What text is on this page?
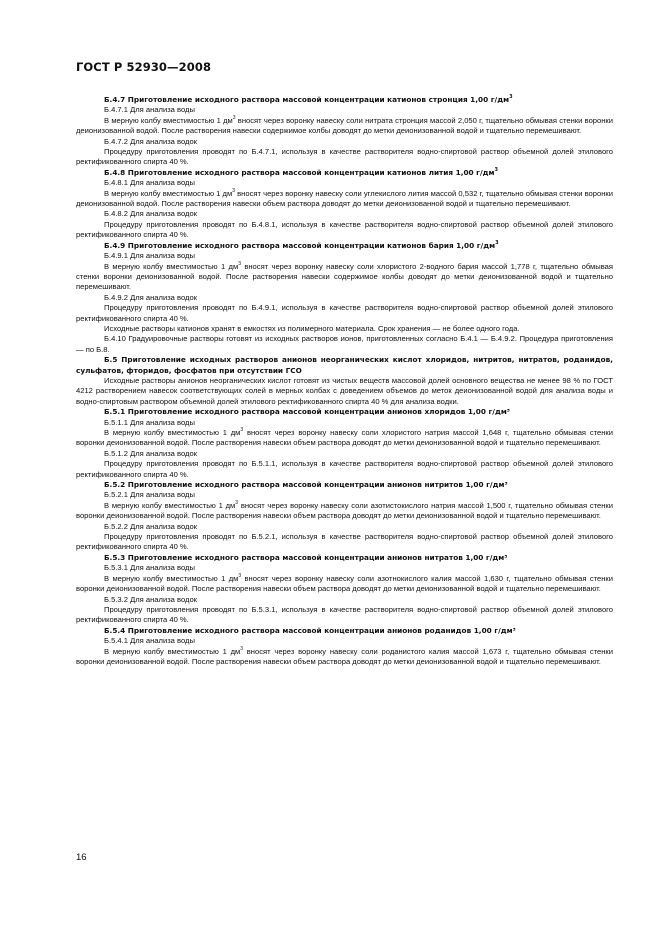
ГОСТ Р 52930—2008

Б.4.7 Приготовление исходного раствора массовой концентрации катионов стронция 1,00 $г/дм^3$

Б.4.7.1 Для анализа воды

В мерную колбу вместимостью 1 $дм^3$ вносят через воронку навеску соли нитрата стронция массой 2,050 г, тщательно обмывая стенки воронки деионизованной водой. После растворения навески содержимое колбы доводят до метки деионизованной водой и тщательно перемешивают.

Б.4.7.2 Для анализа водок

Процедуру приготовления проводят по Б.4.7.1, используя в качестве растворителя водно-спиртовой раствор объемной долей этилового ректификованного спирта 40 %.

Б.4.8 Приготовление исходного раствора массовой концентрации катионов лития 1,00 $г/дм^3$

Б.4.8.1 Для анализа воды

В мерную колбу вместимостью 1 $дм^3$ вносят через воронку навеску соли углекислого лития массой 0,532 г, тщательно обмывая стенки воронки деионизованной водой. После растворения навески объем раствора доводят до метки деионизованной водой и тщательно перемешивают.

Б.4.8.2 Для анализа водок

Процедуру приготовления проводят по Б.4.8.1, используя в качестве растворителя водно-спиртовой раствор объемной долей этилового ректификованного спирта 40 %.

Б.4.9 Приготовление исходного раствора массовой концентрации катионов бария 1,00 $г/дм^3$

Б.4.9.1 Для анализа воды

В мерную колбу вместимостью 1 $дм^3$ вносят через воронку навеску соли хлористого 2-водного бария массой 1,778 г, тщательно обмывая стенки воронки деионизованной водой. После растворения навески содержимое колбы доводят до метки деионизованной водой и тщательно перемешивают.

Б.4.9.2 Для анализа водок

Процедуру приготовления проводят по Б.4.9.1, используя в качестве растворителя водно-спиртовой раствор объемной долей этилового ректификованного спирта 40 %.

Исходные растворы катионов хранят в емкостях из полимерного материала. Срок хранения — не более одного года.

Б.4.10 Градуировочные растворы готовят из исходных растворов ионов, приготовленных согласно Б.4.1 — Б.4.9.2. Процедура приготовления — по Б.8.

Б.5 Приготовление исходных растворов анионов неорганических кислот хлоридов, нитритов, нитратов, роданидов, сульфатов, фторидов, фосфатов при отсутствии ГСО

Исходные растворы анионов неорганических кислот готовят из чистых веществ массовой долей основного вещества не менее 98 % по ГОСТ 4212 растворением навесок соответствующих солей в мерных колбах с доведением объемов до меток деионизованной водой для анализа воды и водно-спиртовым раствором объемной долей этилового ректификованного спирта 40 % для анализа водки.

Б.5.1 Приготовление исходного раствора массовой концентрации анионов хлоридов 1,00 г/дм³

Б.5.1.1 Для анализа воды

В мерную колбу вместимостью 1 $дм^3$ вносят через воронку навеску соли хлористого натрия массой 1,648 г, тщательно обмывая стенки воронки деионизованной водой. После растворения навески объем раствора доводят до метки деионизованной водой и тщательно перемешивают.

Б.5.1.2 Для анализа водок

Процедуру приготовления проводят по Б.5.1.1, используя в качестве растворителя водно-спиртовой раствор объемной долей этилового ректификованного спирта 40 %.

Б.5.2 Приготовление исходного раствора массовой концентрации анионов нитритов 1,00 г/дм³

Б.5.2.1 Для анализа воды

В мерную колбу вместимостью 1 $дм^3$ вносят через воронку навеску соли азотистокислого натрия массой 1,500 г, тщательно обмывая стенки воронки деионизованной водой. После растворения навески объем раствора доводят до метки деионизованной водой и тщательно перемешивают.

Б.5.2.2 Для анализа водок

Процедуру приготовления проводят по Б.5.2.1, используя в качестве растворителя водно-спиртовой раствор объемной долей этилового ректификованного спирта 40 %.

Б.5.3 Приготовление исходного раствора массовой концентрации анионов нитратов 1,00 г/дм³

Б.5.3.1 Для анализа воды

В мерную колбу вместимостью 1 $дм^3$ вносят через воронку навеску соли азотнокислого калия массой 1,630 г, тщательно обмывая стенки воронки деионизованной водой. После растворения навески объем раствора доводят до метки деионизованной водой и тщательно перемешивают.

Б.5.3.2 Для анализа водок

Процедуру приготовления проводят по Б.5.3.1, используя в качестве растворителя водно-спиртовой раствор объемной долей этилового ректификованного спирта 40 %.

Б.5.4 Приготовление исходного раствора массовой концентрации анионов роданидов 1,00 г/дм³

Б.5.4.1 Для анализа воды

В мерную колбу вместимостью 1 $дм^3$ вносят через воронку навеску соли роданистого калия массой 1,673 г, тщательно обмывая стенки воронки деионизованной водой. После растворения навески объем раствора доводят до метки деионизованной водой и тщательно перемешивают.

16
